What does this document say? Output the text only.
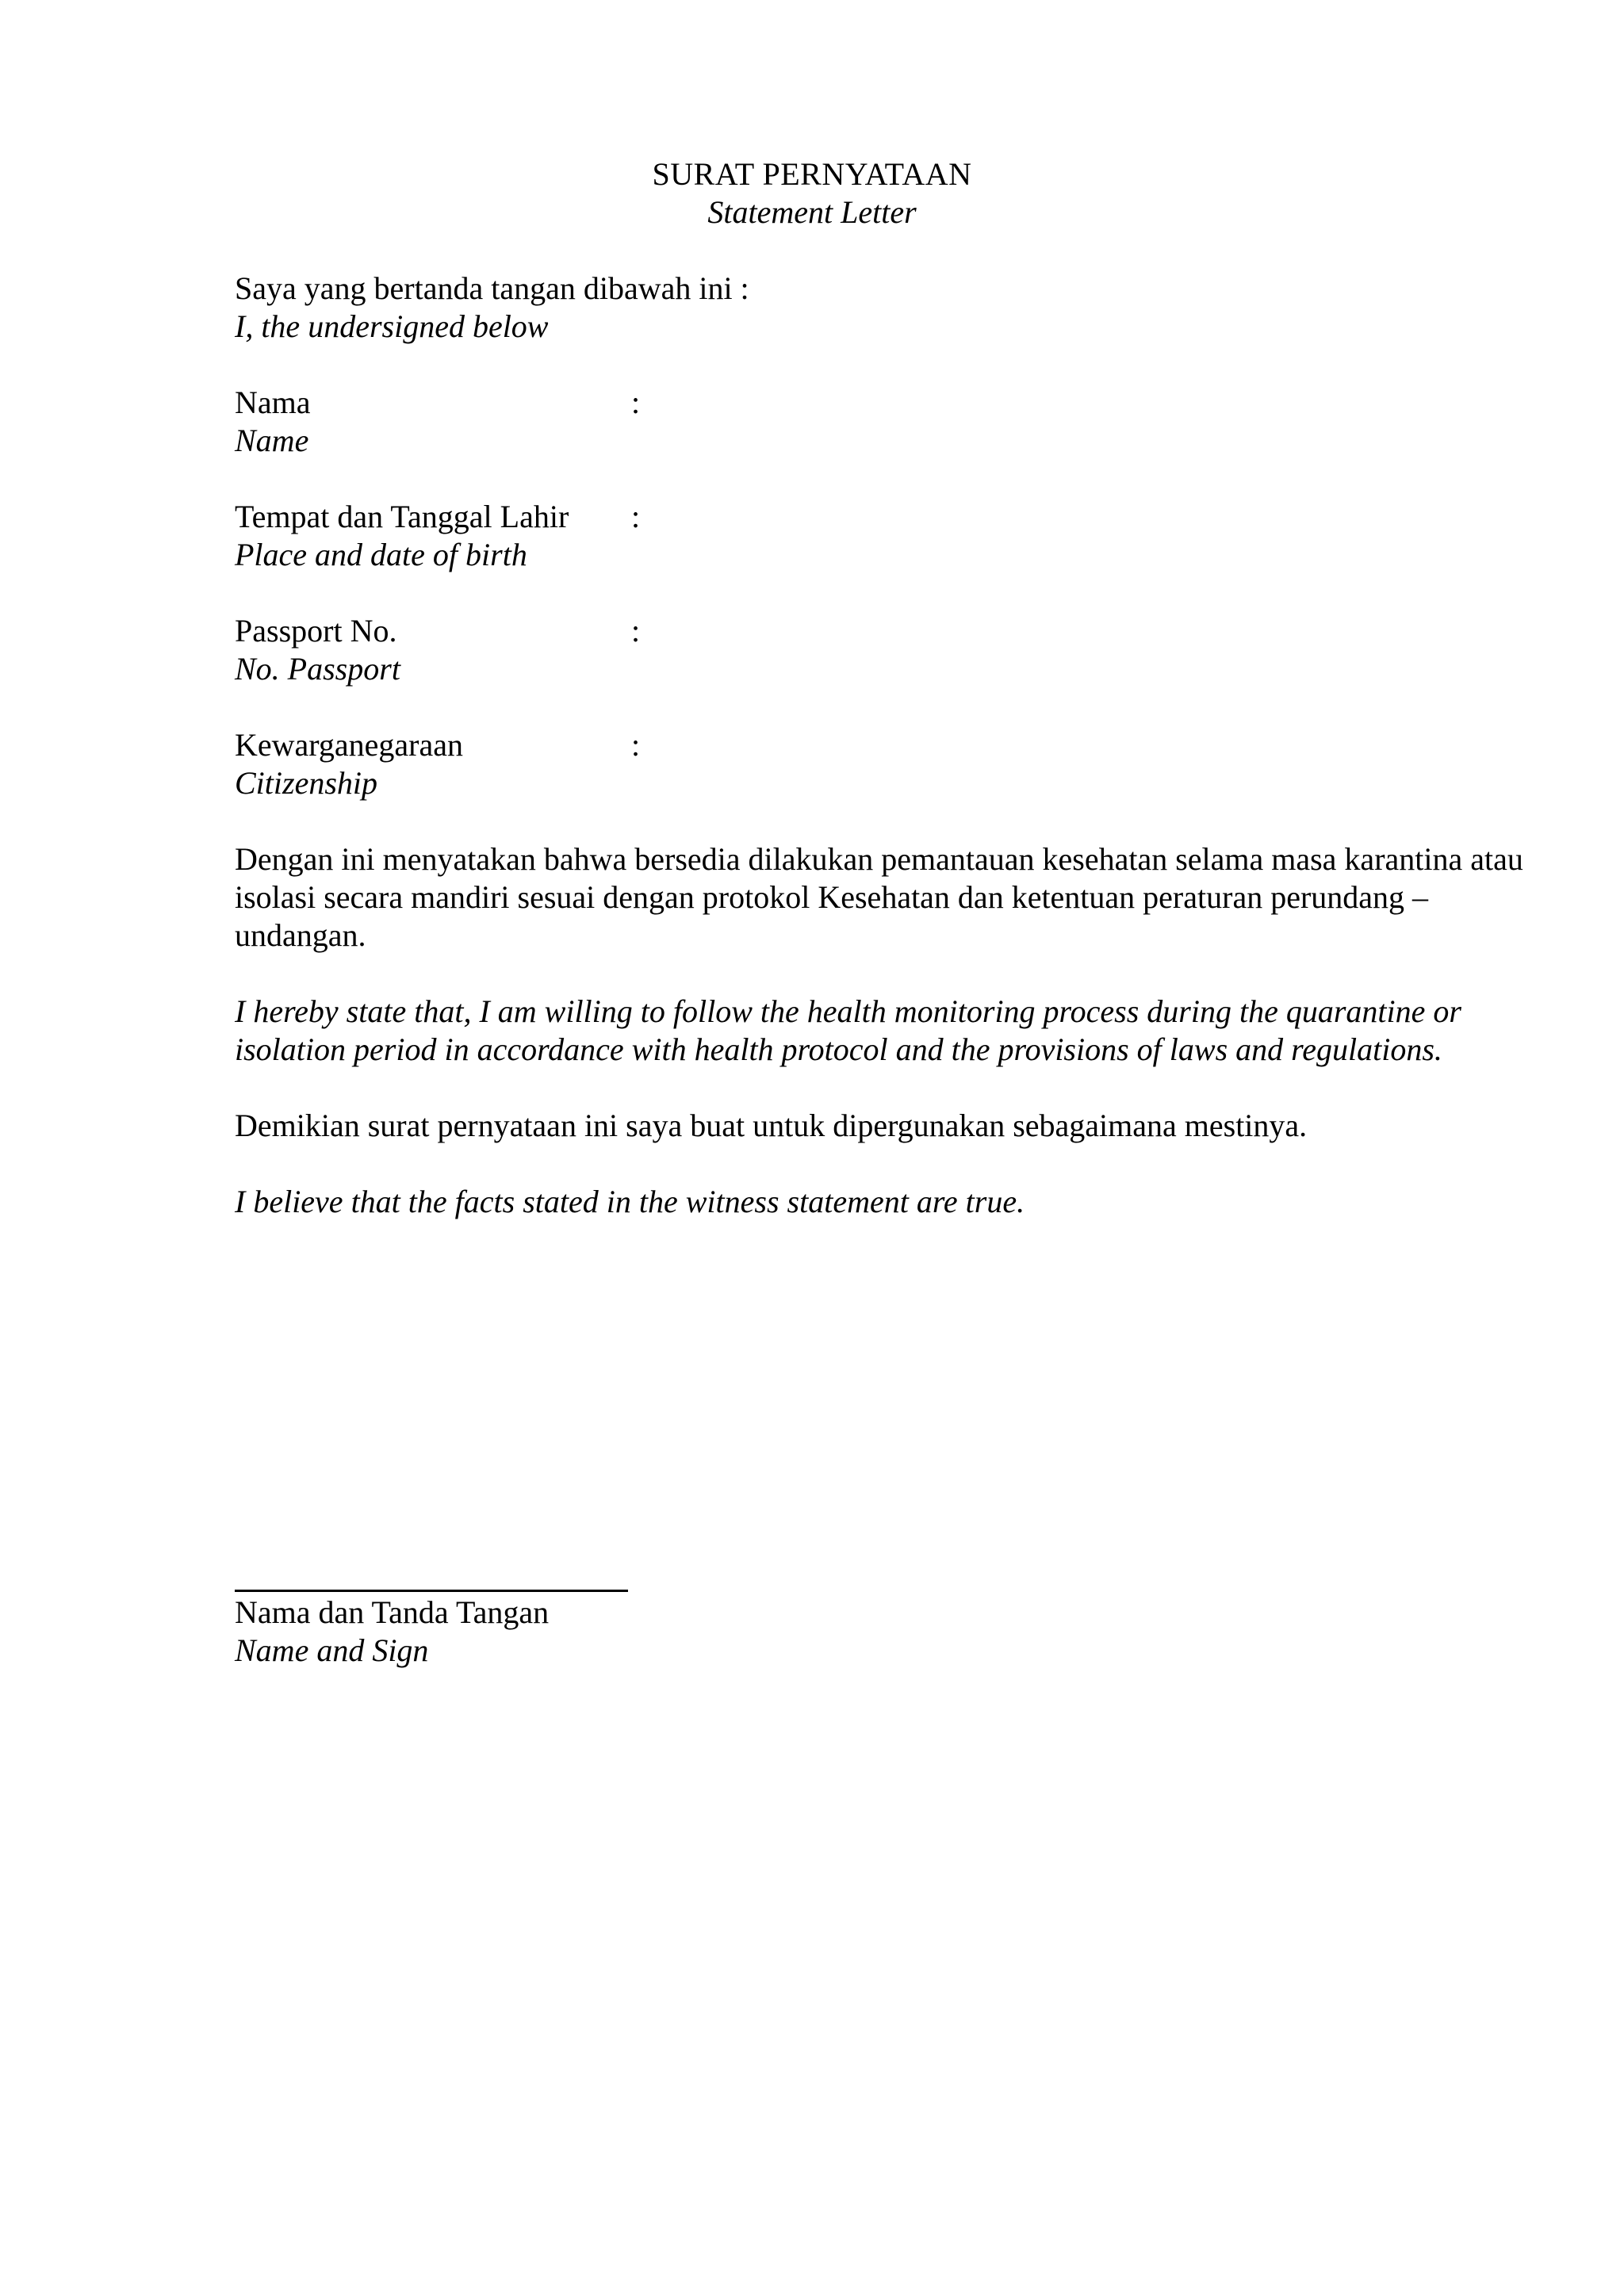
SURAT PERNYATAAN
Statement Letter
Saya yang bertanda tangan dibawah ini :
I, the undersigned below
Nama	:
Name
Tempat dan Tanggal Lahir :
Place and date of birth
Passport No.	:
No. Passport
Kewarganegaraan	:
Citizenship
Dengan ini menyatakan bahwa bersedia dilakukan pemantauan kesehatan selama masa karantina atau isolasi secara mandiri sesuai dengan protokol Kesehatan dan ketentuan peraturan perundang – undangan.
I hereby state that, I am willing to follow the health monitoring process during the quarantine or isolation period in accordance with health protocol and the provisions of laws and regulations.
Demikian surat pernyataan ini saya buat untuk dipergunakan sebagaimana mestinya.
I believe that the facts stated in the witness statement are true.
Nama dan Tanda Tangan
Name and Sign
